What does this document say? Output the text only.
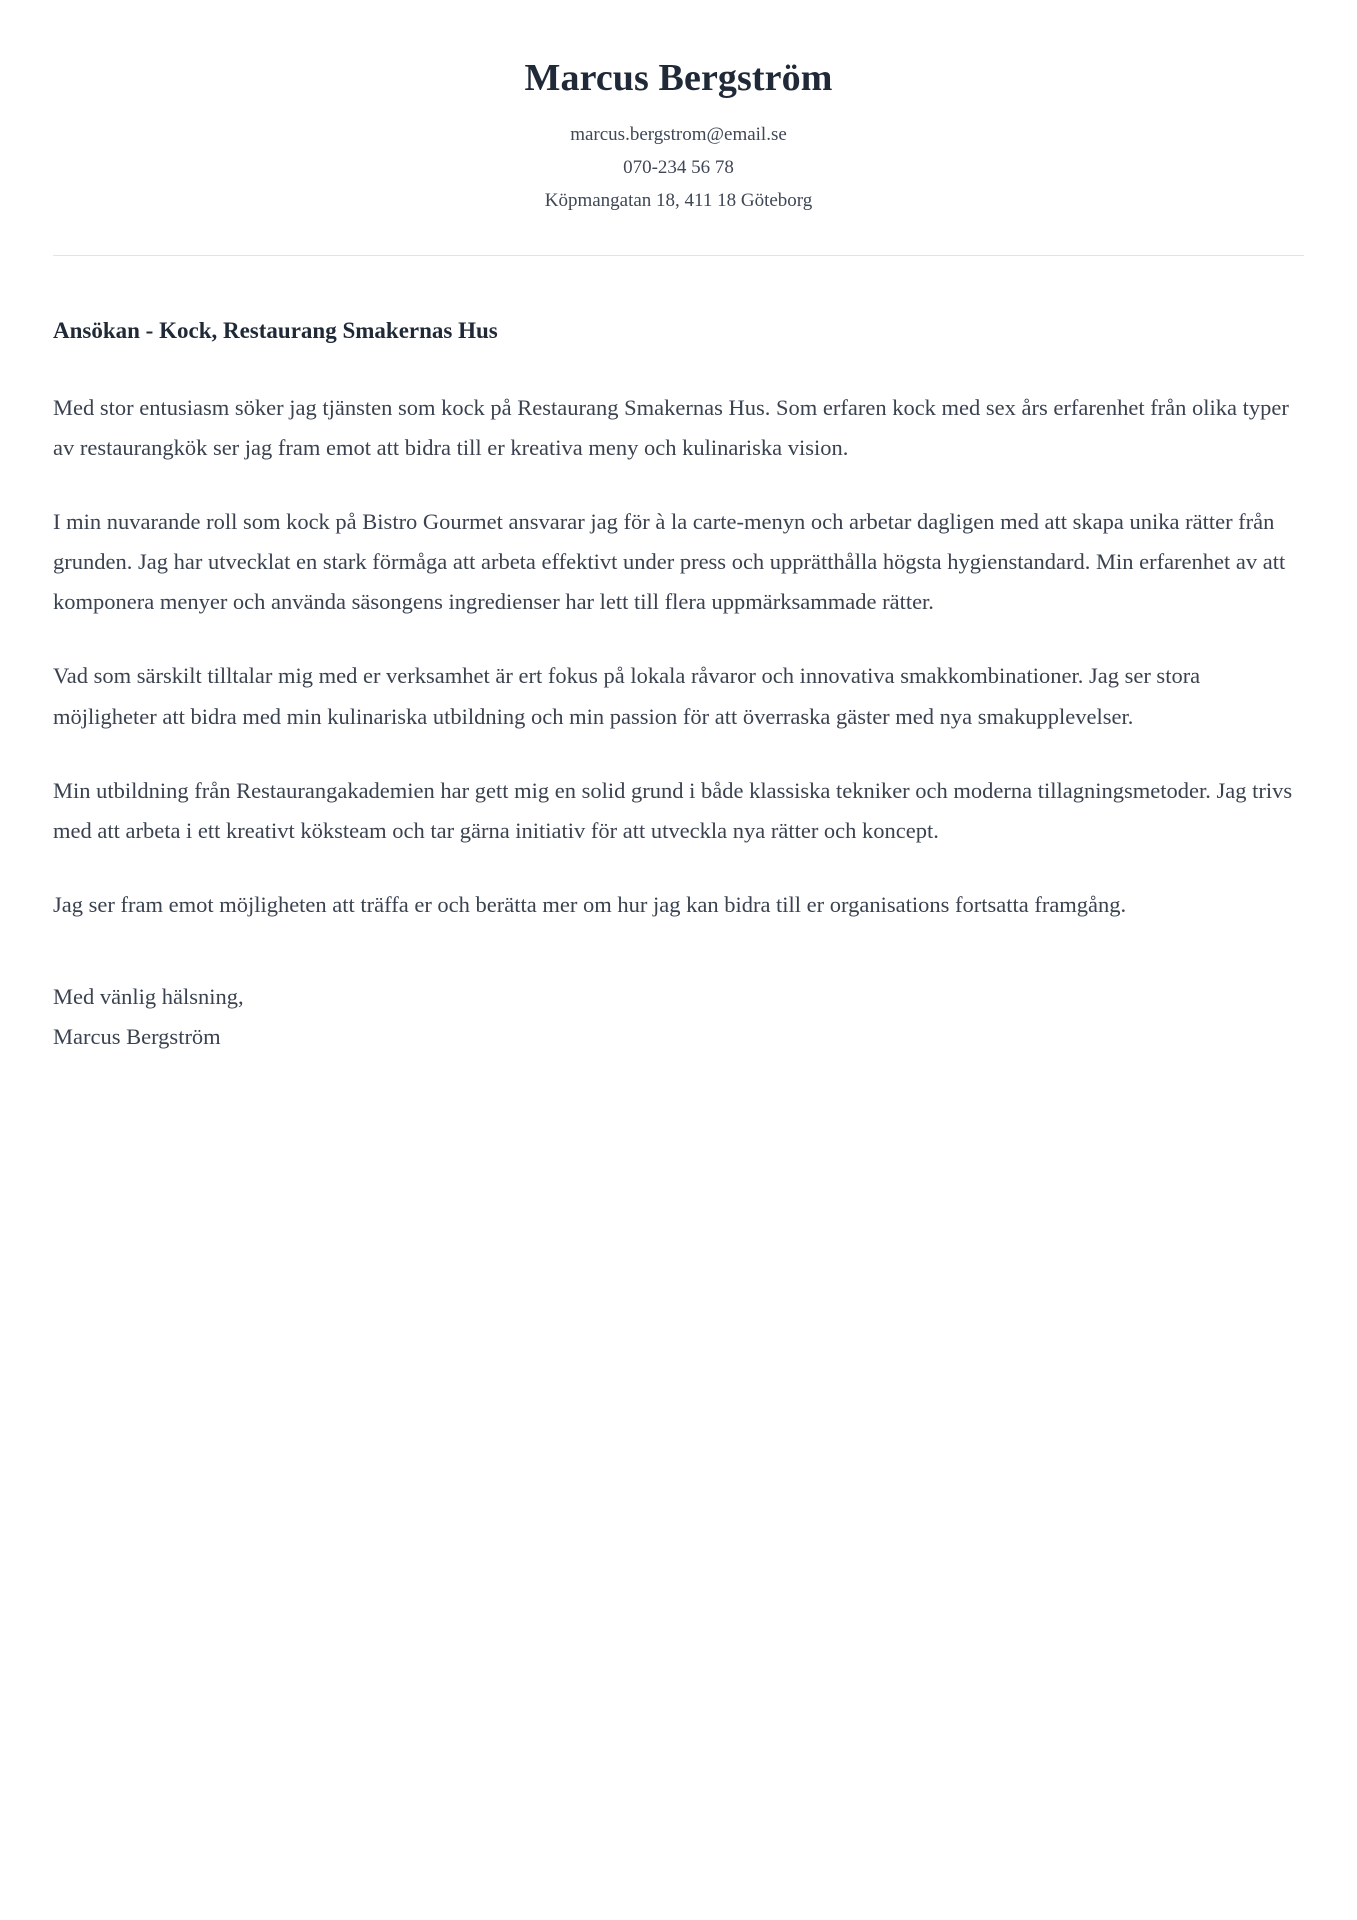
Marcus Bergström

marcus.bergstrom@email.se

070-234 56 78

Köpmangatan 18, 411 18 Göteborg

Ansökan - Kock, Restaurang Smakernas Hus

Med stor entusiasm söker jag tjänsten som kock på Restaurang Smakernas Hus. Som erfaren kock med sex års erfarenhet från olika typer av restaurangkök ser jag fram emot att bidra till er kreativa meny och kulinariska vision.

I min nuvarande roll som kock på Bistro Gourmet ansvarar jag för à la carte-menyn och arbetar dagligen med att skapa unika rätter från grunden. Jag har utvecklat en stark förmåga att arbeta effektivt under press och upprätthålla högsta hygienstandard. Min erfarenhet av att komponera menyer och använda säsongens ingredienser har lett till flera uppmärksammade rätter.

Vad som särskilt tilltalar mig med er verksamhet är ert fokus på lokala råvaror och innovativa smakkombinationer. Jag ser stora möjligheter att bidra med min kulinariska utbildning och min passion för att överraska gäster med nya smakupplevelser.

Min utbildning från Restaurangakademien har gett mig en solid grund i både klassiska tekniker och moderna tillagningsmetoder. Jag trivs med att arbeta i ett kreativt köksteam och tar gärna initiativ för att utveckla nya rätter och koncept.

Jag ser fram emot möjligheten att träffa er och berätta mer om hur jag kan bidra till er organisations fortsatta framgång.

Med vänlig hälsning,

Marcus Bergström
